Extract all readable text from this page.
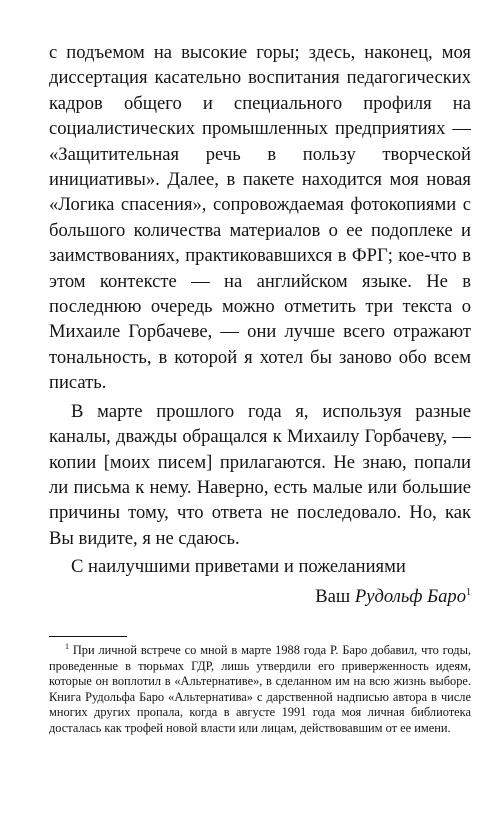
с подъемом на высокие горы; здесь, наконец, моя диссертация касательно воспитания педагогических кадров общего и специального профиля на социалистических промышленных предприятиях — «Защитительная речь в пользу творческой инициативы». Далее, в пакете находится моя новая «Логика спасения», сопровождаемая фотокопиями с большого количества материалов о ее подоплеке и заимствованиях, практиковавшихся в ФРГ; кое-что в этом контексте — на английском языке. Не в последнюю очередь можно отметить три текста о Михаиле Горбачеве, — они лучше всего отражают тональность, в которой я хотел бы заново обо всем писать.

В марте прошлого года я, используя разные каналы, дважды обращался к Михаилу Горбачеву, — копии [моих писем] прилагаются. Не знаю, попали ли письма к нему. Наверно, есть малые или большие причины тому, что ответа не последовало. Но, как Вы видите, я не сдаюсь.

С наилучшими приветами и пожеланиями

Ваш Рудольф Баро$^1$

$^1$ При личной встрече со мной в марте 1988 года Р. Баро добавил, что годы, проведенные в тюрьмах ГДР, лишь утвердили его приверженность идеям, которые он воплотил в «Альтернативе», в сделанном им на всю жизнь выборе. Книга Рудольфа Баро «Альтернатива» с дарственной надписью автора в числе многих других пропала, когда в августе 1991 года моя личная библиотека досталась как трофей новой власти или лицам, действовавшим от ее имени.
